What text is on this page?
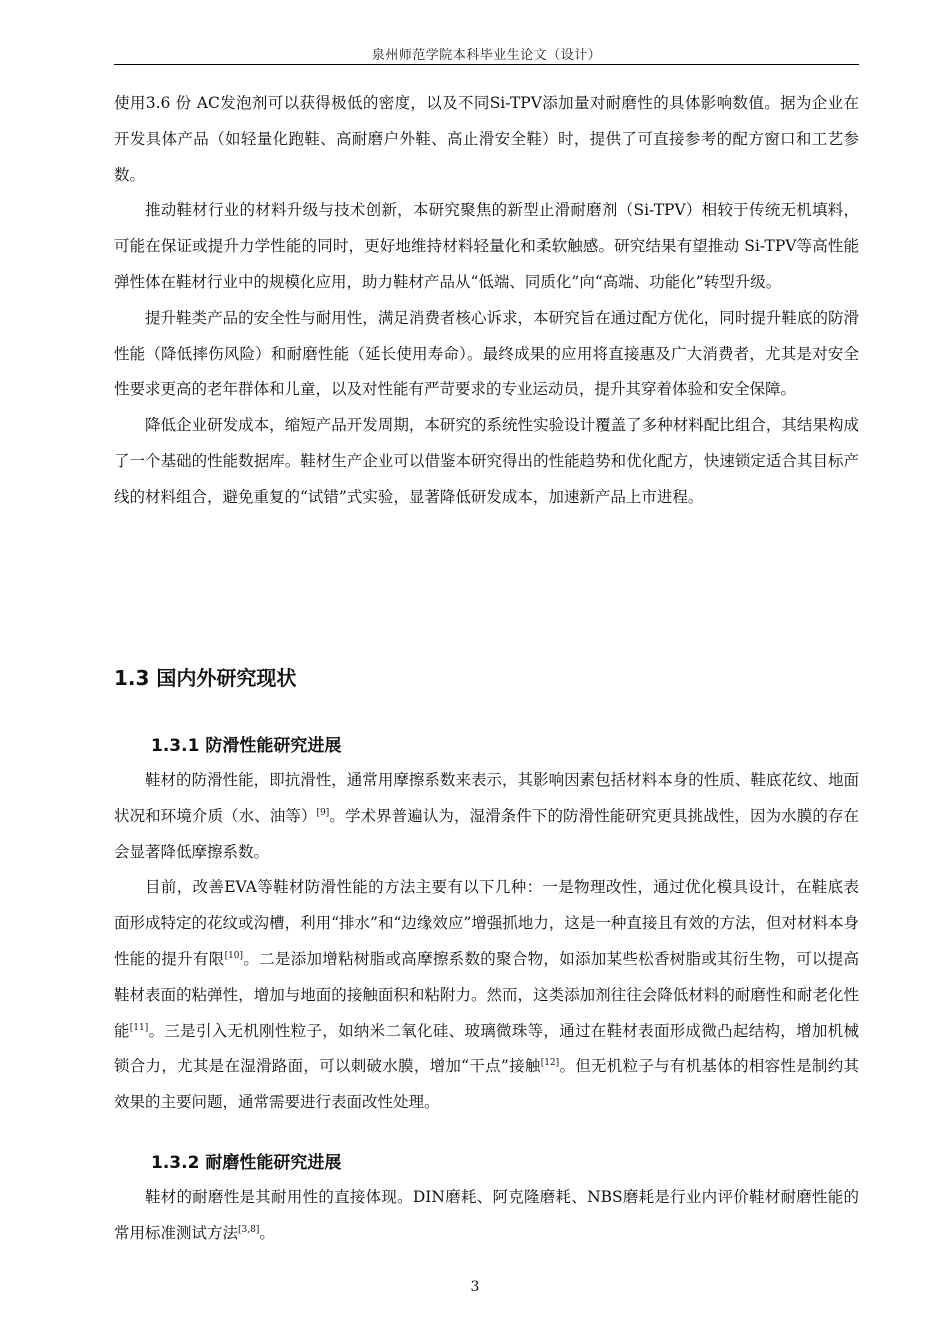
泉州师范学院本科毕业生论文（设计）

使用3.6 份 AC发泡剂可以获得极低的密度，以及不同Si-TPV添加量对耐磨性的具体影响数值。据为企业在开发具体产品（如轻量化跑鞋、高耐磨户外鞋、高止滑安全鞋）时，提供了可直接参考的配方窗口和工艺参数。

推动鞋材行业的材料升级与技术创新，本研究聚焦的新型止滑耐磨剂（Si-TPV）相较于传统无机填料，可能在保证或提升力学性能的同时，更好地维持材料轻量化和柔软触感。研究结果有望推动 Si-TPV等高性能弹性体在鞋材行业中的规模化应用，助力鞋材产品从“低端、同质化”向“高端、功能化”转型升级。

提升鞋类产品的安全性与耐用性，满足消费者核心诉求，本研究旨在通过配方优化，同时提升鞋底的防滑性能（降低摔伤风险）和耐磨性能（延长使用寿命）。最终成果的应用将直接惠及广大消费者，尤其是对安全性要求更高的老年群体和儿童，以及对性能有严苛要求的专业运动员，提升其穿着体验和安全保障。

降低企业研发成本，缩短产品开发周期，本研究的系统性实验设计覆盖了多种材料配比组合，其结果构成了一个基础的性能数据库。鞋材生产企业可以借鉴本研究得出的性能趋势和优化配方，快速锁定适合其目标产线的材料组合，避免重复的“试错”式实验，显著降低研发成本，加速新产品上市进程。

1.3 国内外研究现状
1.3.1 防滑性能研究进展

鞋材的防滑性能，即抗滑性，通常用摩擦系数来表示，其影响因素包括材料本身的性质、鞋底花纹、地面状况和环境介质（水、油等）[9]。学术界普遍认为，湿滑条件下的防滑性能研究更具挑战性，因为水膜的存在会显著降低摩擦系数。

目前，改善EVA等鞋材防滑性能的方法主要有以下几种：一是物理改性，通过优化模具设计，在鞋底表面形成特定的花纹或沟槽，利用“排水”和“边缘效应”增强抓地力，这是一种直接且有效的方法，但对材料本身性能的提升有限[10]。二是添加增粘树脂或高摩擦系数的聚合物，如添加某些松香树脂或其衍生物，可以提高鞋材表面的粘弹性，增加与地面的接触面积和粘附力。然而，这类添加剂往往会降低材料的耐磨性和耐老化性能[11]。三是引入无机刚性粒子，如纳米二氧化硅、玻璃微珠等，通过在鞋材表面形成微凸起结构，增加机械锁合力，尤其是在湿滑路面，可以刺破水膜，增加“干点”接触[12]。但无机粒子与有机基体的相容性是制约其效果的主要问题，通常需要进行表面改性处理。

1.3.2 耐磨性能研究进展

鞋材的耐磨性是其耐用性的直接体现。DIN磨耗、阿克隆磨耗、NBS磨耗是行业内评价鞋材耐磨性能的常用标准测试方法[3,8]。

3
